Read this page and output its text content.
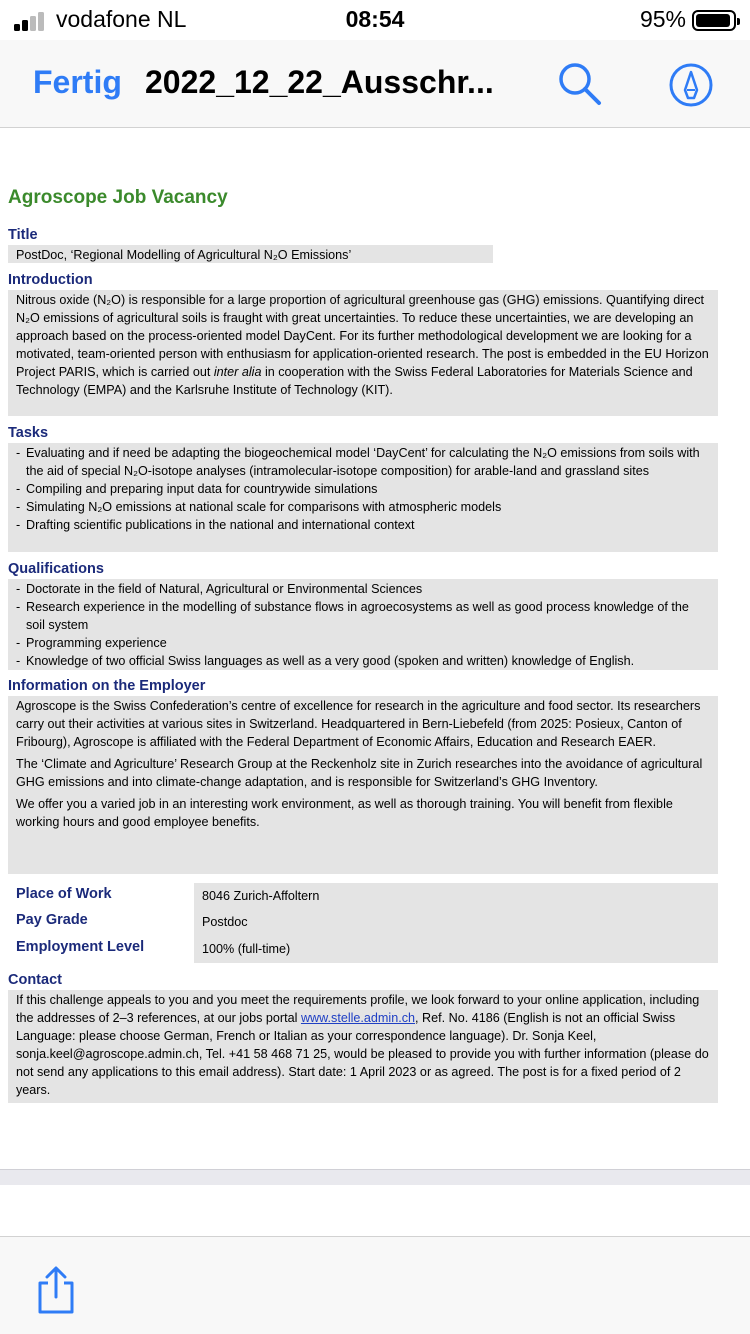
vodafone NL	08:54	95%
Fertig 2022_12_22_Ausschr...
Agroscope Job Vacancy
Title
PostDoc, ‘Regional Modelling of Agricultural N₂O Emissions’
Introduction
Nitrous oxide (N₂O) is responsible for a large proportion of agricultural greenhouse gas (GHG) emissions. Quantifying direct N₂O emissions of agricultural soils is fraught with great uncertainties. To reduce these uncertainties, we are developing an approach based on the process-oriented model DayCent. For its further methodological development we are looking for a motivated, team-oriented person with enthusiasm for application-oriented research. The post is embedded in the EU Horizon Project PARIS, which is carried out inter alia in cooperation with the Swiss Federal Laboratories for Materials Science and Technology (EMPA) and the Karlsruhe Institute of Technology (KIT).
Tasks
- Evaluating and if need be adapting the biogeochemical model ‘DayCent’ for calculating the N₂O emissions from soils with the aid of special N₂O-isotope analyses (intramolecular-isotope composition) for arable-land and grassland sites
- Compiling and preparing input data for countrywide simulations
- Simulating N₂O emissions at national scale for comparisons with atmospheric models
- Drafting scientific publications in the national and international context
Qualifications
- Doctorate in the field of Natural, Agricultural or Environmental Sciences
- Research experience in the modelling of substance flows in agroecosystems as well as good process knowledge of the soil system
- Programming experience
- Knowledge of two official Swiss languages as well as a very good (spoken and written) knowledge of English.
Information on the Employer

Agroscope is the Swiss Confederation’s centre of excellence for research in the agriculture and food sector. Its researchers carry out their activities at various sites in Switzerland. Headquartered in Bern-Liebefeld (from 2025: Posieux, Canton of Fribourg), Agroscope is affiliated with the Federal Department of Economic Affairs, Education and Research EAER.

The ‘Climate and Agriculture’ Research Group at the Reckenholz site in Zurich researches into the avoidance of agricultural GHG emissions and into climate-change adaptation, and is responsible for Switzerland’s GHG Inventory.

We offer you a varied job in an interesting work environment, as well as thorough training. You will benefit from flexible working hours and good employee benefits.

Place of Work	8046 Zurich-Affoltern
Pay Grade	Postdoc
Employment Level	100% (full-time)
Contact
If this challenge appeals to you and you meet the requirements profile, we look forward to your online application, including the addresses of 2–3 references, at our jobs portal www.stelle.admin.ch, Ref. No. 4186 (English is not an official Swiss Language: please choose German, French or Italian as your correspondence language). Dr. Sonja Keel, sonja.keel@agroscope.admin.ch, Tel. +41 58 468 71 25, would be pleased to provide you with further information (please do not send any applications to this email address). Start date: 1 April 2023 or as agreed. The post is for a fixed period of 2 years.
